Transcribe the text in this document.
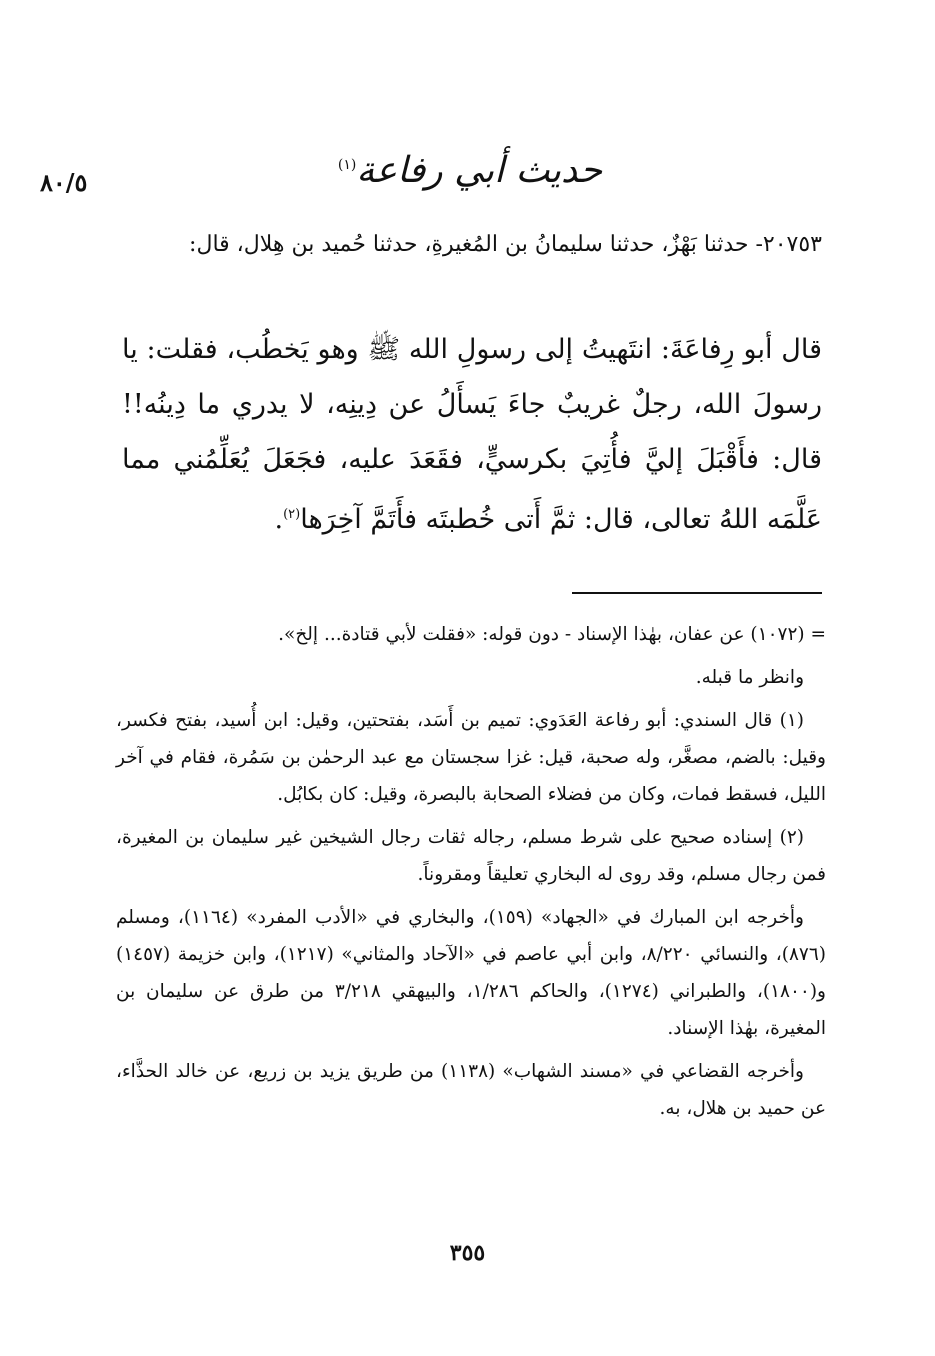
٨٠/٥	حديث أبي رفاعة$^{(١)}$
٢٠٧٥٣- حدثنا بَهْزٌ، حدثنا سليمانُ بن المُغيرةِ، حدثنا حُميد بن هِلال، قال:
قال أبو رِفاعَةَ: انتَهيتُ إلى رسولِ الله ﷺ وهو يَخطُب، فقلت: يا رسولَ الله، رجلٌ غريبٌ جاءَ يَسأَلُ عن دِينِه، لا يدري ما دِينُه!! قال: فأَقْبَلَ إليَّ فأُتِيَ بكرسيٍّ، فقَعَدَ عليه، فجَعَلَ يُعَلِّمُني مما عَلَّمَه اللهُ تعالى، قال: ثمَّ أَتى خُطبتَه فأَتَمَّ آخِرَها$^{(٢)}$.

= (١٠٧٢) عن عفان، بهٰذا الإسناد - دون قوله: «فقلت لأبي قتادة... إلخ».

وانظر ما قبله.

(١) قال السندي: أبو رفاعة العَدَوي: تميم بن أَسَد، بفتحتين، وقيل: ابن أُسيد، بفتح فكسر، وقيل: بالضم، مصغَّر، وله صحبة، قيل: غزا سجستان مع عبد الرحمٰن بن سَمُرة، فقام في آخر الليل، فسقط فمات، وكان من فضلاء الصحابة بالبصرة، وقيل: كان بكابُل.

(٢) إسناده صحيح على شرط مسلم، رجاله ثقات رجال الشيخين غير سليمان بن المغيرة، فمن رجال مسلم، وقد روى له البخاري تعليقاً ومقروناً.

وأخرجه ابن المبارك في «الجهاد» (١٥٩)، والبخاري في «الأدب المفرد» (١١٦٤)، ومسلم (٨٧٦)، والنسائي ٨/٢٢٠، وابن أبي عاصم في «الآحاد والمثاني» (١٢١٧)، وابن خزيمة (١٤٥٧) و(١٨٠٠)، والطبراني (١٢٧٤)، والحاكم ١/٢٨٦، والبيهقي ٣/٢١٨ من طرق عن سليمان بن المغيرة، بهٰذا الإسناد.

وأخرجه القضاعي في «مسند الشهاب» (١١٣٨) من طريق يزيد بن زريع، عن خالد الحذَّاء، عن حميد بن هلال، به.

٣٥٥
